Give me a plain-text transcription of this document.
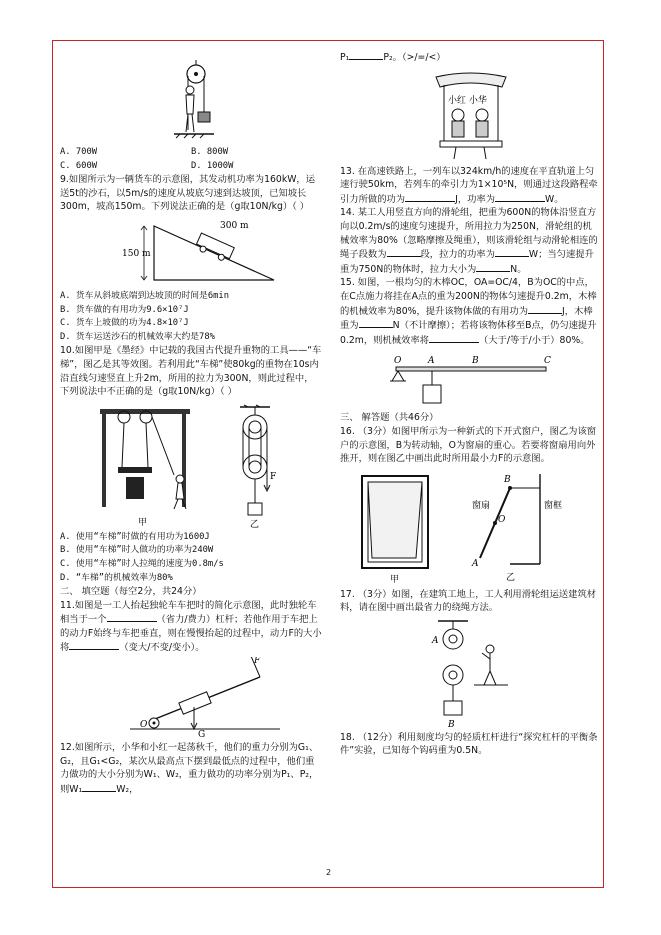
A. 700W	B. 800W
C. 600W	D. 1000W

9.如图所示为一辆货车的示意图，其发动机功率为160kW，运送5t的沙石，以5m/s的速度从坡底匀速到达坡顶，已知坡长300m，坡高150m。下列说法正确的是（g取10N/kg）（ ）

150 m
300 m
A. 货车从斜坡底端到达坡顶的时间是6min
B. 货车做的有用功为9.6×10⁷J
C. 货车上坡做的功为4.8×10⁷J
D. 货车运送沙石的机械效率大约是78%

10.如图甲是《墨经》中记载的我国古代提升重物的工具——“车梯”，图乙是其等效图。若利用此“车梯”使80kg的重物在10s内沿直线匀速竖直上升2m，所用的拉力为300N，则此过程中，下列说法中不正确的是（g取10N/kg）（ ）

甲
F
乙
A. 使用“车梯”时做的有用功为1600J
B. 使用“车梯”时人做功的功率为240W
C. 使用“车梯”时人拉绳的速度为0.8m/s
D. “车梯”的机械效率为80%

二、 填空题（每空2分，共24分）

11.如图是一工人抬起独轮车车把时的简化示意图，此时独轮车相当于一个	（省力/费力）杠杆；若他作用于车把上的动力F始终与车把垂直，则在慢慢抬起的过程中，动力F的大小将	（变大/不变/变小）。

O
G
F

12.如图所示，小华和小红一起荡秋千，他们的重力分别为G₁、G₂，且G₁<G₂，某次从最高点下摆到最低点的过程中，他们重力做功的大小分别为W₁、W₂，重力做功的功率分别为P₁、P₂，则W₁	W₂，

P₁	P₂。（>/=/<）
小红 小华

13. 在高速铁路上，一列车以324km/h的速度在平直轨道上匀速行驶50km，若列车的牵引力为1×10⁵N，则通过这段路程牵引力所做的功为	J，功率为	W。

14. 某工人用竖直方向的滑轮组，把重为600N的物体沿竖直方向以0.2m/s的速度匀速提升，所用拉力为250N，滑轮组的机械效率为80%（忽略摩擦及绳重），则该滑轮组与动滑轮相连的绳子段数为	段，拉力的功率为	W；当匀速提升重为750N的物体时，拉力大小为	N。

15. 如图，一根均匀的木棒OC，OA=OC/4，B为OC的中点，在C点施力将挂在A点的重为200N的物体匀速提升0.2m，木棒的机械效率为80%，提升该物体做的有用功为	J，木棒重为	N（不计摩擦）；若将该物体移至B点，仍匀速提升0.2m，则机械效率将	（大于/等于/小于）80%。

O	A	B	C

三、 解答题（共46分）

16. （3分）如图甲所示为一种新式的下开式窗户，图乙为该窗户的示意图，B为转动轴，O为窗扇的重心。若要将窗扇用向外推开，则在图乙中画出此时所用最小力F的示意图。

甲
B
O
A
窗扇	窗框
乙

17. （3分）如图，在建筑工地上，工人利用滑轮组运送建筑材料，请在图中画出最省力的绕绳方法。

A
B

18. （12分）利用刻度均匀的轻质杠杆进行“探究杠杆的平衡条件”实验，已知每个钩码重为0.5N。

2
